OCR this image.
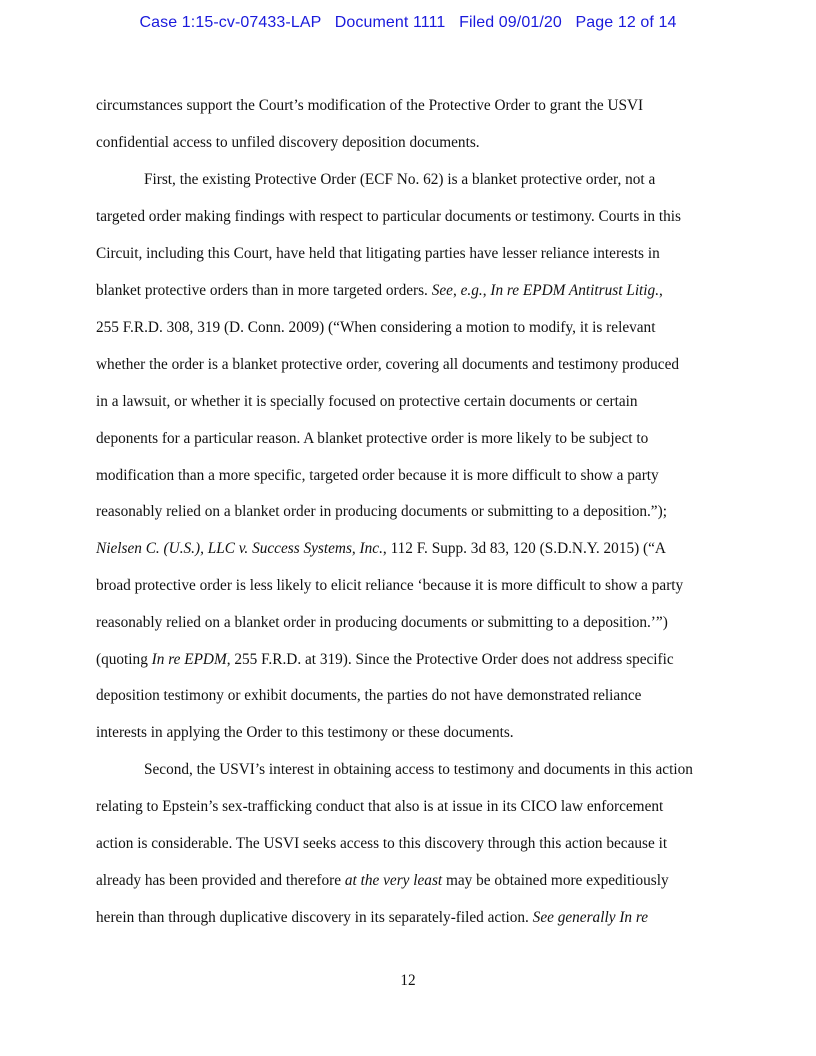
Case 1:15-cv-07433-LAP Document 1111 Filed 09/01/20 Page 12 of 14
circumstances support the Court’s modification of the Protective Order to grant the USVI
confidential access to unfiled discovery deposition documents.
First, the existing Protective Order (ECF No. 62) is a blanket protective order, not a
targeted order making findings with respect to particular documents or testimony. Courts in this
Circuit, including this Court, have held that litigating parties have lesser reliance interests in
blanket protective orders than in more targeted orders. See, e.g., In re EPDM Antitrust Litig.,
255 F.R.D. 308, 319 (D. Conn. 2009) (“When considering a motion to modify, it is relevant
whether the order is a blanket protective order, covering all documents and testimony produced
in a lawsuit, or whether it is specially focused on protective certain documents or certain
deponents for a particular reason. A blanket protective order is more likely to be subject to
modification than a more specific, targeted order because it is more difficult to show a party
reasonably relied on a blanket order in producing documents or submitting to a deposition.”);
Nielsen C. (U.S.), LLC v. Success Systems, Inc., 112 F. Supp. 3d 83, 120 (S.D.N.Y. 2015) (“A
broad protective order is less likely to elicit reliance ‘because it is more difficult to show a party
reasonably relied on a blanket order in producing documents or submitting to a deposition.’”)
(quoting In re EPDM, 255 F.R.D. at 319). Since the Protective Order does not address specific
deposition testimony or exhibit documents, the parties do not have demonstrated reliance
interests in applying the Order to this testimony or these documents.
Second, the USVI’s interest in obtaining access to testimony and documents in this action
relating to Epstein’s sex-trafficking conduct that also is at issue in its CICO law enforcement
action is considerable. The USVI seeks access to this discovery through this action because it
already has been provided and therefore at the very least may be obtained more expeditiously
herein than through duplicative discovery in its separately-filed action. See generally In re
12
